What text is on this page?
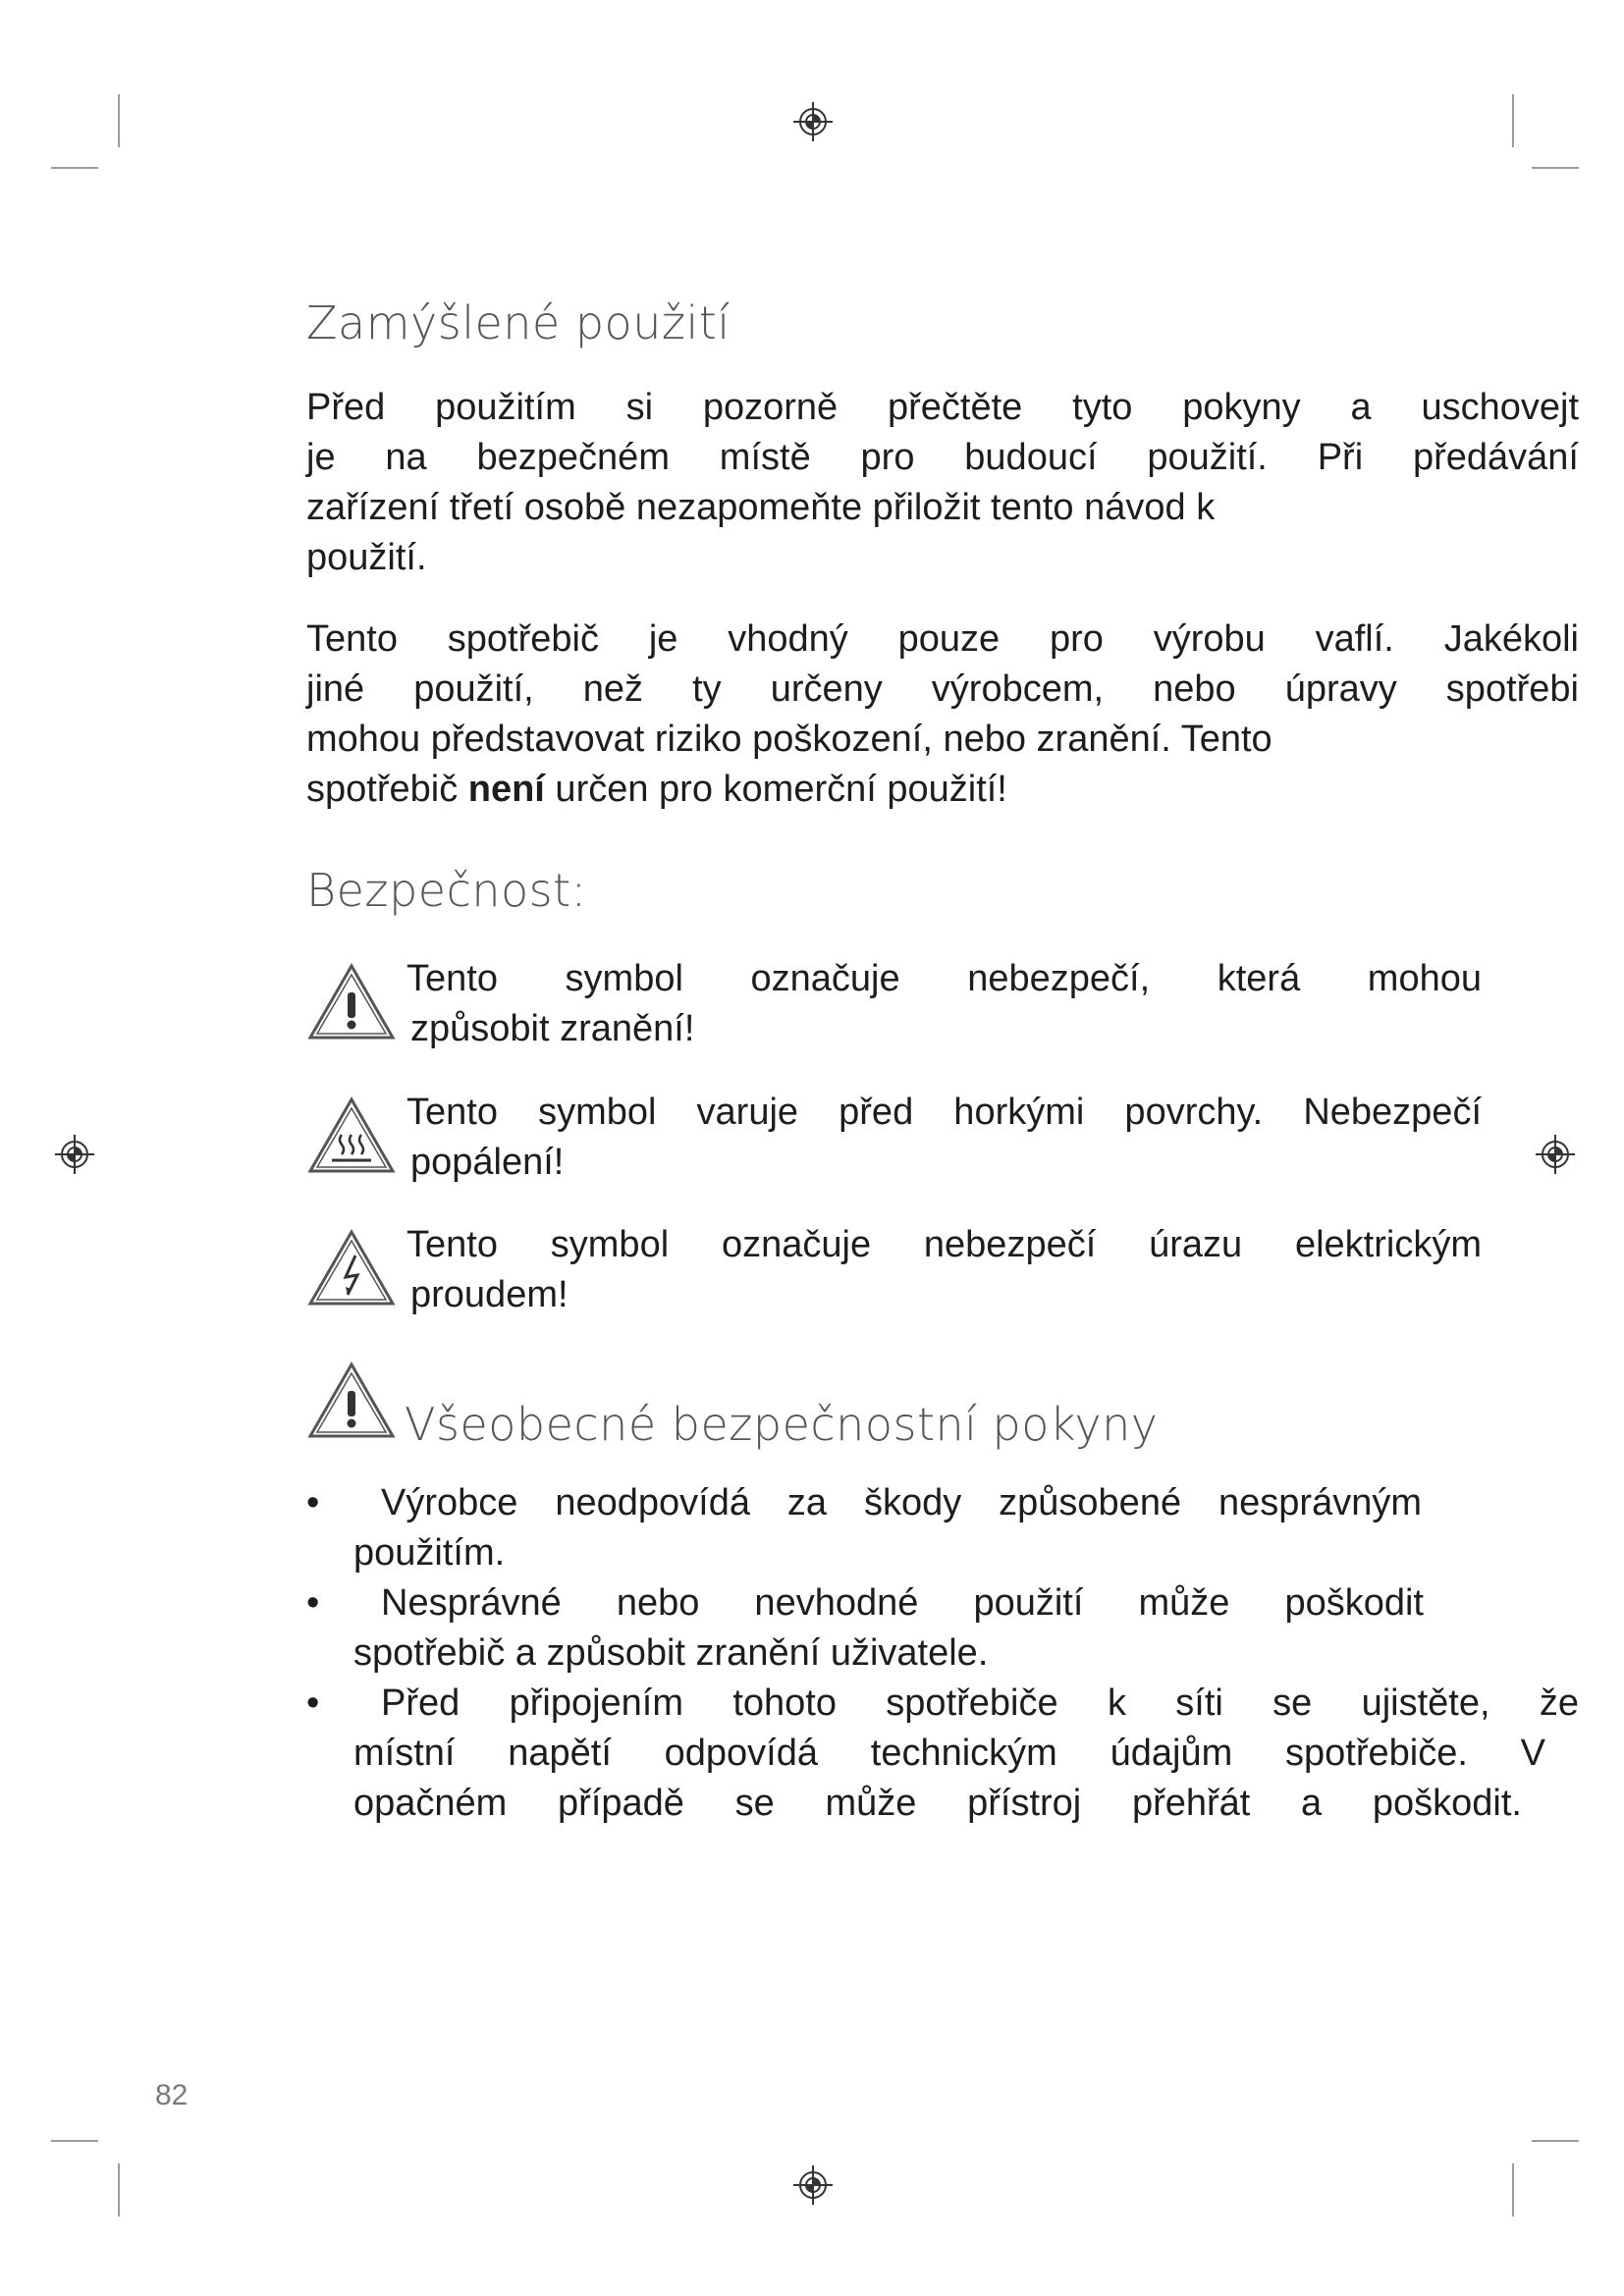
Zamýšlené použití
Před použitím si pozorně přečtěte tyto pokyny a uschovejt
je na bezpečném místě pro budoucí použití. Při předávání
zařízení třetí osobě nezapomeňte přiložit tento návod k
použití.
Tento spotřebič je vhodný pouze pro výrobu vaflí. Jakékoli
jiné použití, než ty určeny výrobcem, nebo úpravy spotřebi
mohou představovat riziko poškození, nebo zranění. Tento
spotřebič není určen pro komerční použití!
Bezpečnost:
Tento symbol označuje nebezpečí, která mohou
způsobit zranění!
Tento symbol varuje před horkými povrchy. Nebezpečí
popálení!
Tento symbol označuje nebezpečí úrazu elektrickým
proudem!
Všeobecné bezpečnostní pokyny
•	Výrobce neodpovídá za škody způsobené nesprávným
použitím.
•	Nesprávné nebo nevhodné použití může poškodit
spotřebič a způsobit zranění uživatele.
•	Před připojením tohoto spotřebiče k síti se ujistěte, že
místní napětí odpovídá technickým údajům spotřebiče. V
opačném případě se může přístroj přehřát a poškodit.
82
